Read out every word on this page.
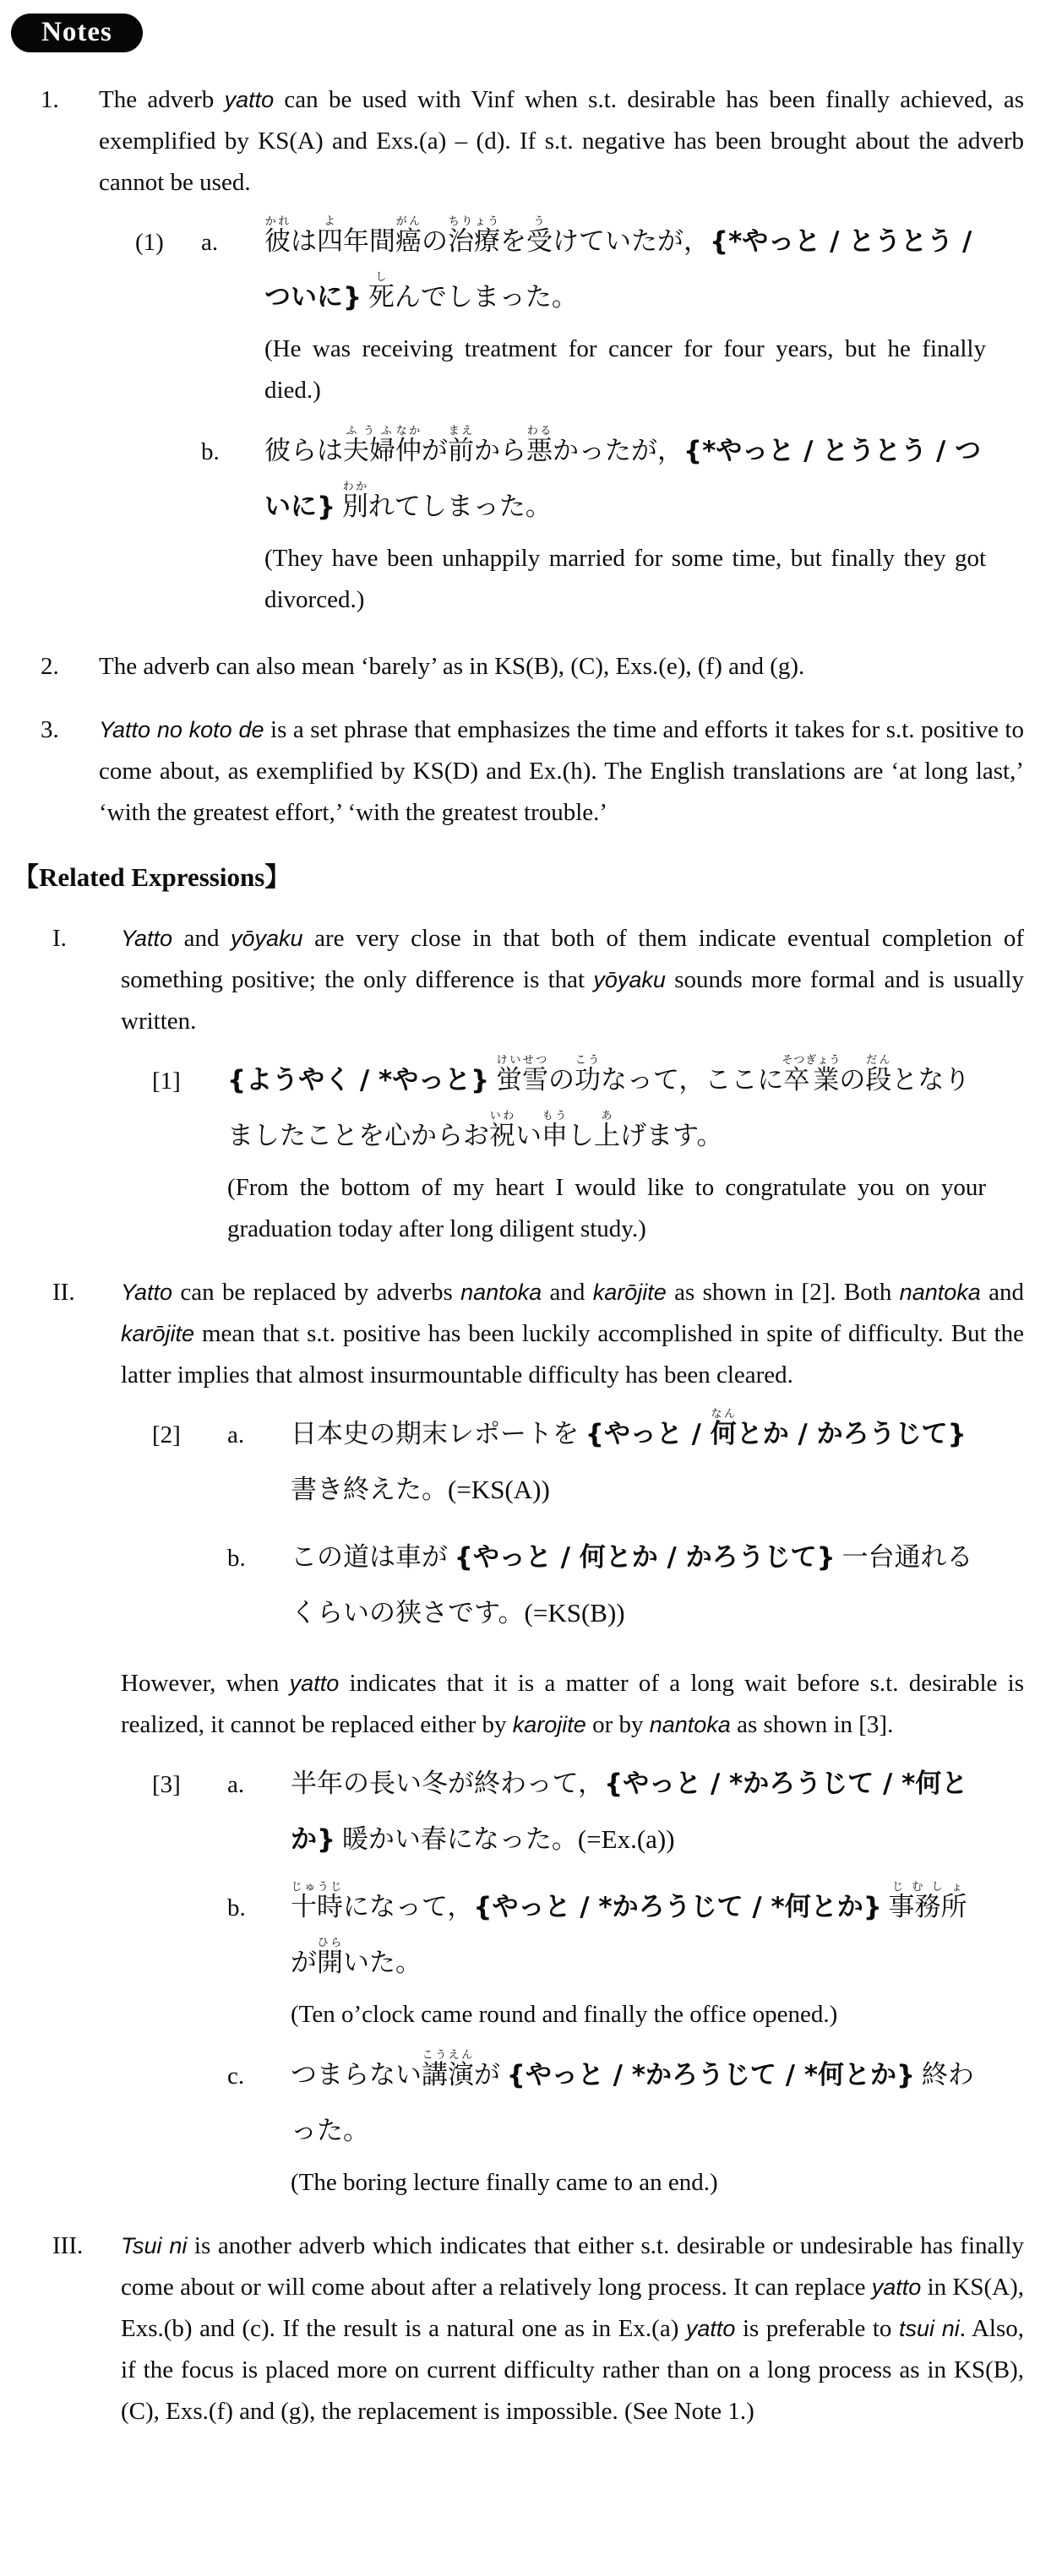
Notes
1. The adverb yatto can be used with Vinf when s.t. desirable has been finally achieved, as exemplified by KS(A) and Exs.(a) – (d). If s.t. negative has been brought about the adverb cannot be used.
(1)	a.	彼かれは四よ年間癌がんの治療ちりょうを受うけていたが，{*やっと / とうとう / ついに} 死しんでしまった。
(He was receiving treatment for cancer for four years, but he finally died.)
b.	彼らは夫婦ふうふ仲なかが前まえから悪わるかったが，{*やっと / とうとう / ついに} 別わかれてしまった。
(They have been unhappily married for some time, but finally they got divorced.)
2. The adverb can also mean ‘barely’ as in KS(B), (C), Exs.(e), (f) and (g).
3. Yatto no koto de is a set phrase that emphasizes the time and efforts it takes for s.t. positive to come about, as exemplified by KS(D) and Ex.(h). The English translations are ‘at long last,’ ‘with the greatest effort,’ ‘with the greatest trouble.’
【Related Expressions】
I. Yatto and yōyaku are very close in that both of them indicate eventual completion of something positive; the only difference is that yōyaku sounds more formal and is usually written.
[1]	{ようやく / *やっと} 蛍雪けいせつの功こうなって，ここに卒業そつぎょうの段だんとなりましたことを心からお祝いわい申もうし上あげます。
(From the bottom of my heart I would like to congratulate you on your graduation today after long diligent study.)
II. Yatto can be replaced by adverbs nantoka and karōjite as shown in [2]. Both nantoka and karōjite mean that s.t. positive has been luckily accomplished in spite of difficulty. But the latter implies that almost insurmountable difficulty has been cleared.
[2]	a.	日本史の期末レポートを {やっと / 何なんとか / かろうじて} 書き終えた。(=KS(A))
b.	この道は車が {やっと / 何とか / かろうじて} 一台通れるくらいの狭さです。(=KS(B))
However, when yatto indicates that it is a matter of a long wait before s.t. desirable is realized, it cannot be replaced either by karojite or by nantoka as shown in [3].
[3]	a.	半年の長い冬が終わって，{やっと / *かろうじて / *何とか} 暖かい春になった。(=Ex.(a))
b.	十時じゅうじになって，{やっと / *かろうじて / *何とか} 事務所じむしょが開ひらいた。
(Ten o’clock came round and finally the office opened.)
c.	つまらない講演こうえんが {やっと / *かろうじて / *何とか} 終わった。
(The boring lecture finally came to an end.)
III. Tsui ni is another adverb which indicates that either s.t. desirable or undesirable has finally come about or will come about after a relatively long process. It can replace yatto in KS(A), Exs.(b) and (c). If the result is a natural one as in Ex.(a) yatto is preferable to tsui ni. Also, if the focus is placed more on current difficulty rather than on a long process as in KS(B), (C), Exs.(f) and (g), the replacement is impossible. (See Note 1.)
